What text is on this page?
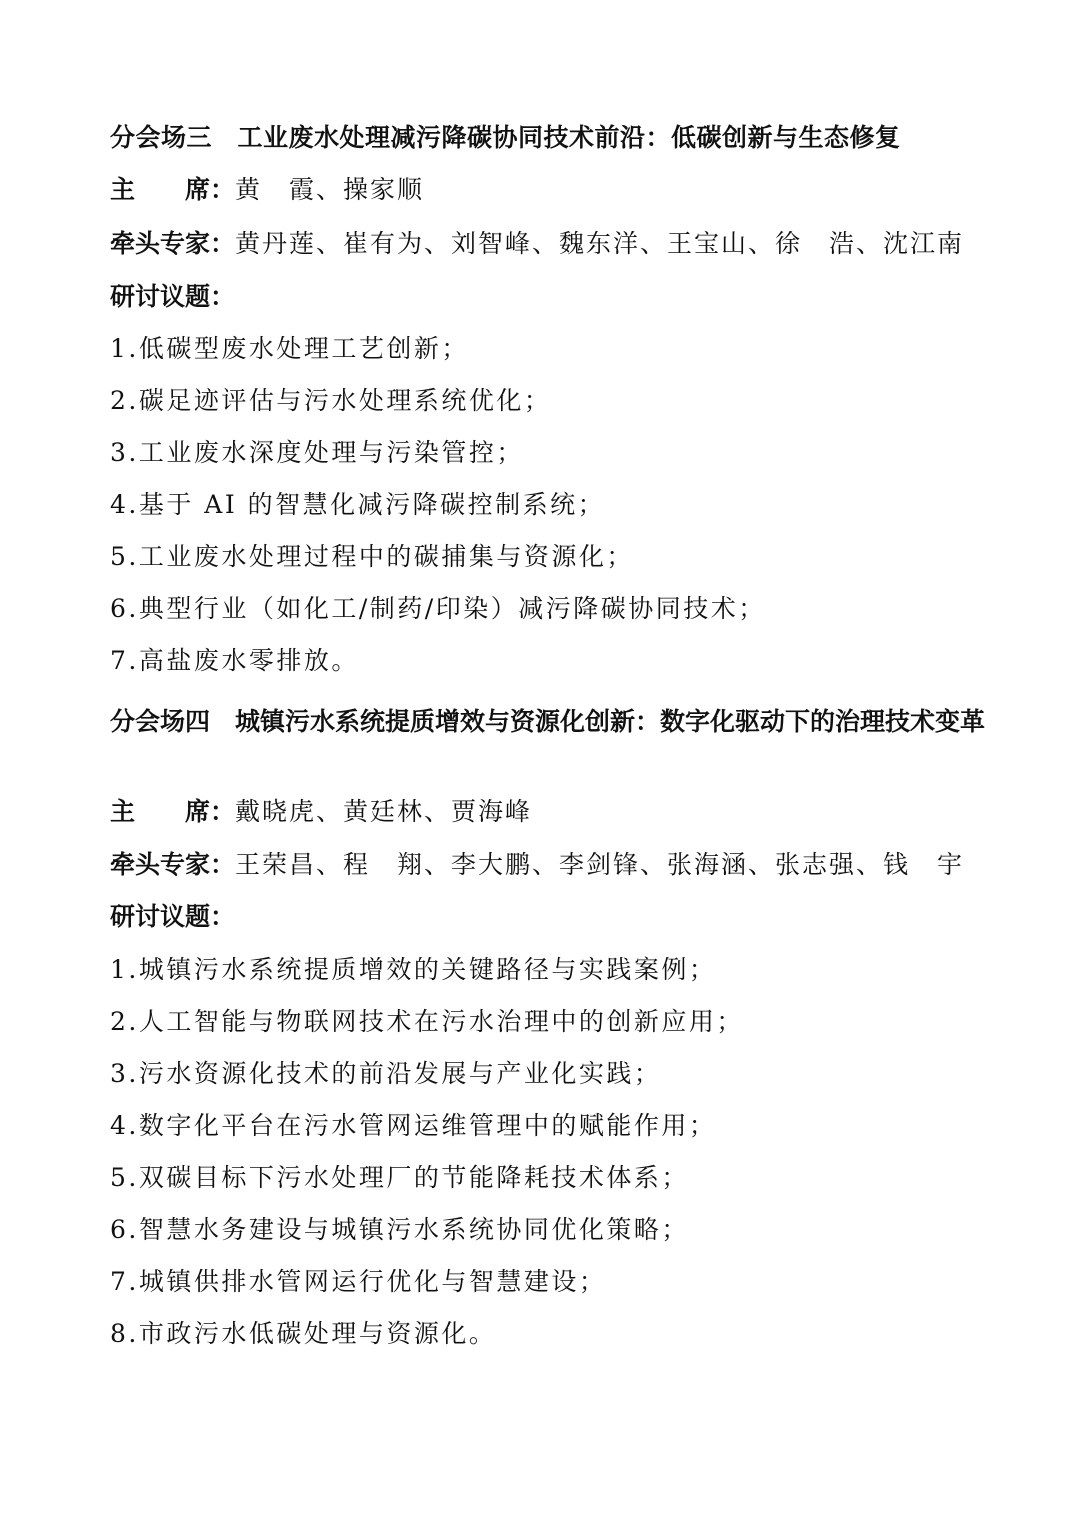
分会场三　工业废水处理减污降碳协同技术前沿：低碳创新与生态修复
主　　席：黄　霞、操家顺
牵头专家：黄丹莲、崔有为、刘智峰、魏东洋、王宝山、徐　浩、沈江南
研讨议题：
1.低碳型废水处理工艺创新；
2.碳足迹评估与污水处理系统优化；
3.工业废水深度处理与污染管控；
4.基于 AI 的智慧化减污降碳控制系统；
5.工业废水处理过程中的碳捕集与资源化；
6.典型行业（如化工/制药/印染）减污降碳协同技术；
7.高盐废水零排放。
分会场四　城镇污水系统提质增效与资源化创新：数字化驱动下的治理技术变革
主　　席：戴晓虎、黄廷林、贾海峰
牵头专家：王荣昌、程　翔、李大鹏、李剑锋、张海涵、张志强、钱　宇
研讨议题：
1.城镇污水系统提质增效的关键路径与实践案例；
2.人工智能与物联网技术在污水治理中的创新应用；
3.污水资源化技术的前沿发展与产业化实践；
4.数字化平台在污水管网运维管理中的赋能作用；
5.双碳目标下污水处理厂的节能降耗技术体系；
6.智慧水务建设与城镇污水系统协同优化策略；
7.城镇供排水管网运行优化与智慧建设；
8.市政污水低碳处理与资源化。
